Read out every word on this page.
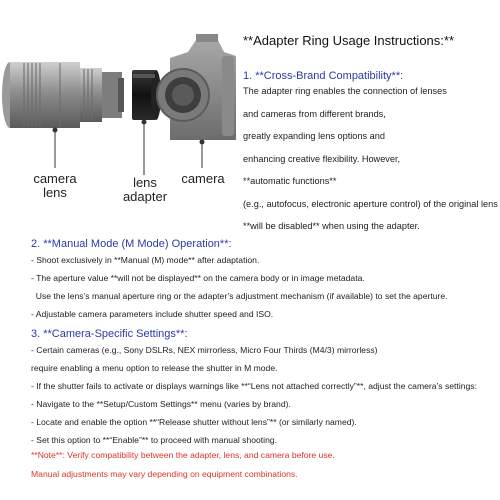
**Adapter Ring Usage Instructions:**
camera
lens
lens
adapter
camera
1. **Cross-Brand Compatibility**:
The adapter ring enables the connection of lenses
and cameras from different brands,
greatly expanding lens options and
enhancing creative flexibility. However,
**automatic functions**
(e.g., autofocus, electronic aperture control) of the original lens
**will be disabled** when using the adapter.
2. **Manual Mode (M Mode) Operation**:
- Shoot exclusively in **Manual (M) mode** after adaptation.
- The aperture value **will not be displayed** on the camera body or in image metadata.
Use the lens’s manual aperture ring or the adapter’s adjustment mechanism (if available) to set the aperture.
- Adjustable camera parameters include shutter speed and ISO.
3. **Camera-Specific Settings**:
- Certain cameras (e.g., Sony DSLRs, NEX mirrorless, Micro Four Thirds (M4/3) mirrorless)
require enabling a menu option to release the shutter in M mode.
- If the shutter fails to activate or displays warnings like **“Lens not attached correctly”**, adjust the camera’s settings:
- Navigate to the **Setup/Custom Settings** menu (varies by brand).
- Locate and enable the option **“Release shutter without lens”** (or similarly named).
- Set this option to **“Enable”** to proceed with manual shooting.
**Note**: Verify compatibility between the adapter, lens, and camera before use.
Manual adjustments may vary depending on equipment combinations.
